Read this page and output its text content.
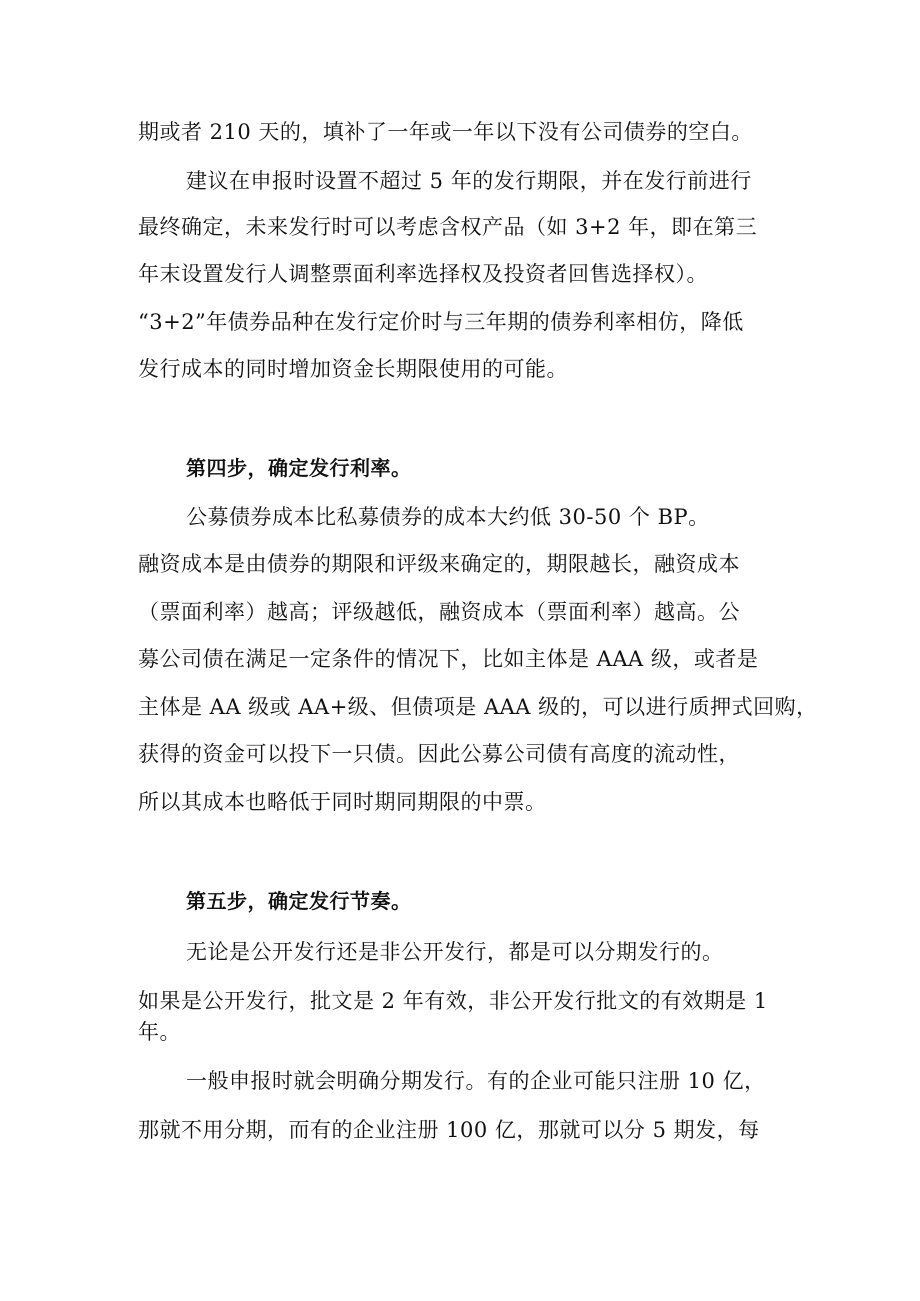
期或者 210 天的，填补了一年或一年以下没有公司债券的空白。
建议在申报时设置不超过 5 年的发行期限，并在发行前进行
最终确定，未来发行时可以考虑含权产品（如 3+2 年，即在第三
年末设置发行人调整票面利率选择权及投资者回售选择权）。
“3+2”年债券品种在发行定价时与三年期的债券利率相仿，降低
发行成本的同时增加资金长期限使用的可能。
第四步，确定发行利率。
公募债券成本比私募债券的成本大约低 30-50 个 BP。
融资成本是由债券的期限和评级来确定的，期限越长，融资成本
（票面利率）越高；评级越低，融资成本（票面利率）越高。公
募公司债在满足一定条件的情况下，比如主体是 AAA 级，或者是
主体是 AA 级或 AA+级、但债项是 AAA 级的，可以进行质押式回购，
获得的资金可以投下一只债。因此公募公司债有高度的流动性，
所以其成本也略低于同时期同期限的中票。
第五步，确定发行节奏。
无论是公开发行还是非公开发行，都是可以分期发行的。
如果是公开发行，批文是 2 年有效，非公开发行批文的有效期是 1
年。
一般申报时就会明确分期发行。有的企业可能只注册 10 亿，
那就不用分期，而有的企业注册 100 亿，那就可以分 5 期发，每
